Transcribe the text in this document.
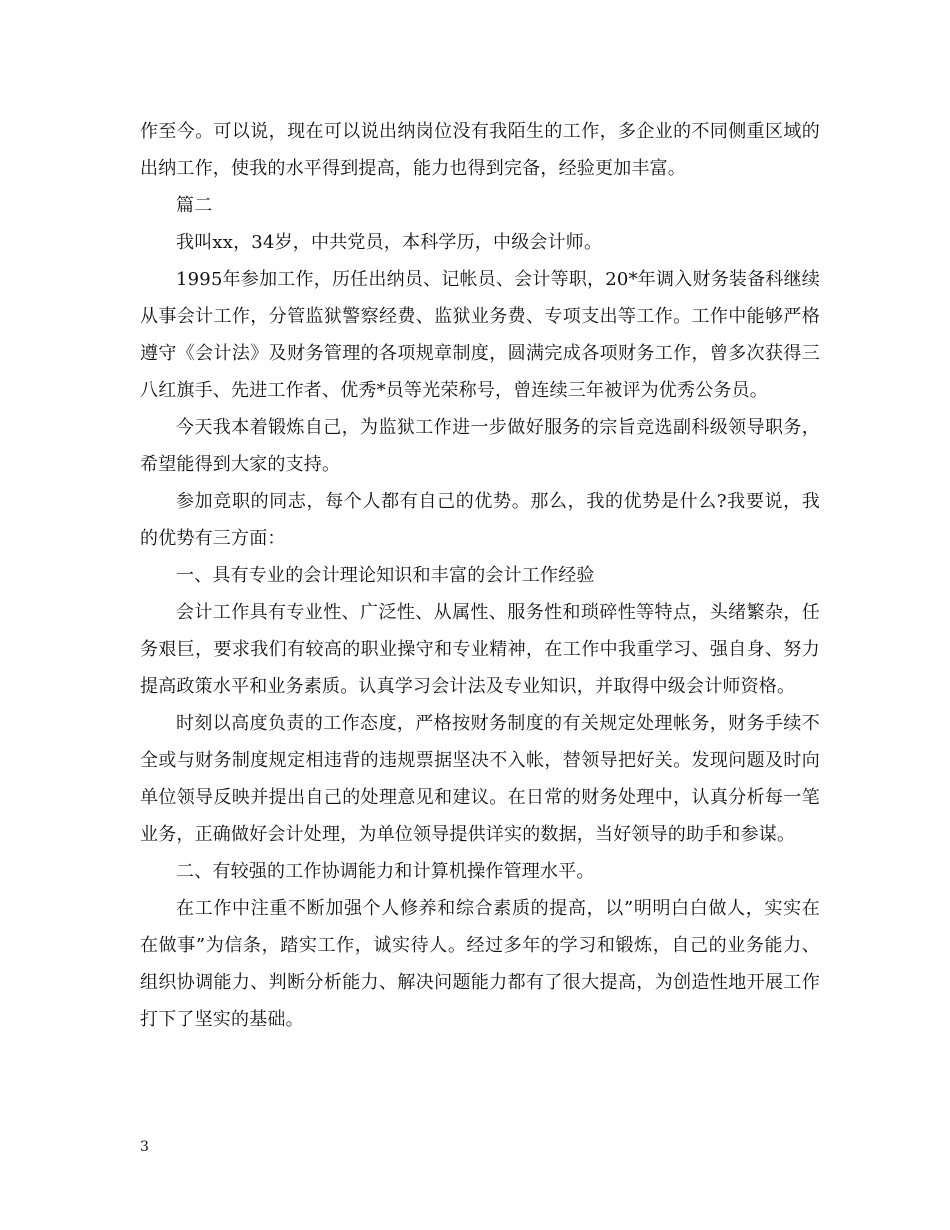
作至今。可以说，现在可以说出纳岗位没有我陌生的工作，多企业的不同侧重区域的出纳工作，使我的水平得到提高，能力也得到完备，经验更加丰富。

篇二

我叫xx，34岁，中共党员，本科学历，中级会计师。

1995年参加工作，历任出纳员、记帐员、会计等职，20*年调入财务装备科继续从事会计工作，分管监狱警察经费、监狱业务费、专项支出等工作。工作中能够严格遵守《会计法》及财务管理的各项规章制度，圆满完成各项财务工作，曾多次获得三八红旗手、先进工作者、优秀*员等光荣称号，曾连续三年被评为优秀公务员。

今天我本着锻炼自己，为监狱工作进一步做好服务的宗旨竞选副科级领导职务，希望能得到大家的支持。

参加竞职的同志，每个人都有自己的优势。那么，我的优势是什么?我要说，我的优势有三方面：

一、具有专业的会计理论知识和丰富的会计工作经验

会计工作具有专业性、广泛性、从属性、服务性和琐碎性等特点，头绪繁杂，任务艰巨，要求我们有较高的职业操守和专业精神，在工作中我重学习、强自身、努力提高政策水平和业务素质。认真学习会计法及专业知识，并取得中级会计师资格。

时刻以高度负责的工作态度，严格按财务制度的有关规定处理帐务，财务手续不全或与财务制度规定相违背的违规票据坚决不入帐，替领导把好关。发现问题及时向单位领导反映并提出自己的处理意见和建议。在日常的财务处理中，认真分析每一笔业务，正确做好会计处理，为单位领导提供详实的数据，当好领导的助手和参谋。

二、有较强的工作协调能力和计算机操作管理水平。

在工作中注重不断加强个人修养和综合素质的提高，以”明明白白做人，实实在在做事”为信条，踏实工作，诚实待人。经过多年的学习和锻炼，自己的业务能力、组织协调能力、判断分析能力、解决问题能力都有了很大提高，为创造性地开展工作打下了坚实的基础。

3
